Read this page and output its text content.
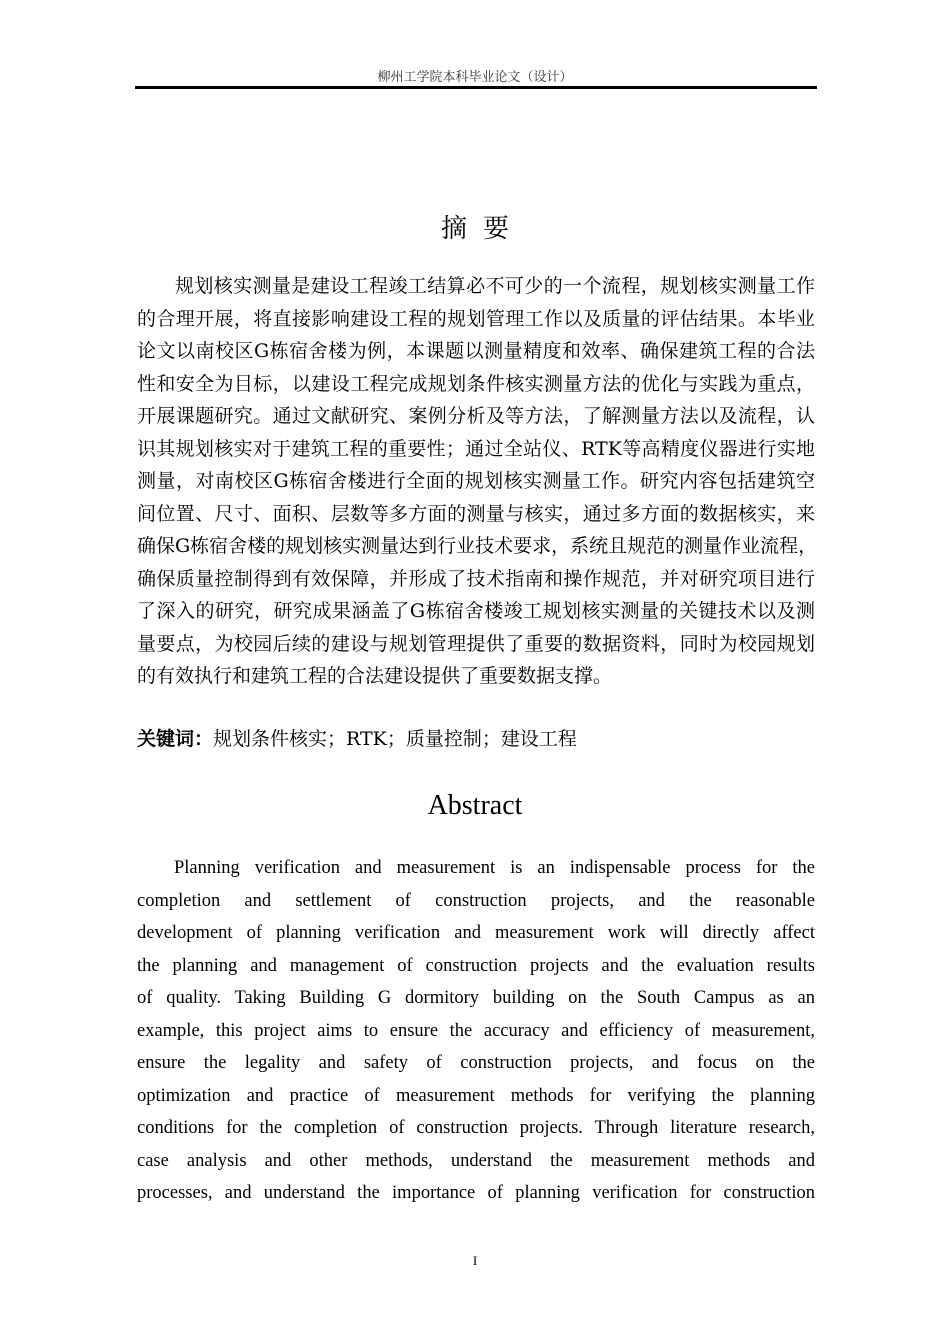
柳州工学院本科毕业论文（设计）
摘 要
规划核实测量是建设工程竣工结算必不可少的一个流程，规划核实测量工作
的合理开展，将直接影响建设工程的规划管理工作以及质量的评估结果。本毕业
论文以南校区G栋宿舍楼为例，本课题以测量精度和效率、确保建筑工程的合法
性和安全为目标，以建设工程完成规划条件核实测量方法的优化与实践为重点，
开展课题研究。通过文献研究、案例分析及等方法，了解测量方法以及流程，认
识其规划核实对于建筑工程的重要性；通过全站仪、RTK等高精度仪器进行实地
测量，对南校区G栋宿舍楼进行全面的规划核实测量工作。研究内容包括建筑空
间位置、尺寸、面积、层数等多方面的测量与核实，通过多方面的数据核实，来
确保G栋宿舍楼的规划核实测量达到行业技术要求，系统且规范的测量作业流程，
确保质量控制得到有效保障，并形成了技术指南和操作规范，并对研究项目进行
了深入的研究，研究成果涵盖了G栋宿舍楼竣工规划核实测量的关键技术以及测
量要点，为校园后续的建设与规划管理提供了重要的数据资料，同时为校园规划
的有效执行和建筑工程的合法建设提供了重要数据支撑。
关键词：规划条件核实；RTK；质量控制；建设工程
Abstract
Planning verification and measurement is an indispensable process for the
completion and settlement of construction projects, and the reasonable
development of planning verification and measurement work will directly affect
the planning and management of construction projects and the evaluation results
of quality. Taking Building G dormitory building on the South Campus as an
example, this project aims to ensure the accuracy and efficiency of measurement,
ensure the legality and safety of construction projects, and focus on the
optimization and practice of measurement methods for verifying the planning
conditions for the completion of construction projects. Through literature research,
case analysis and other methods, understand the measurement methods and
processes, and understand the importance of planning verification for construction
I
